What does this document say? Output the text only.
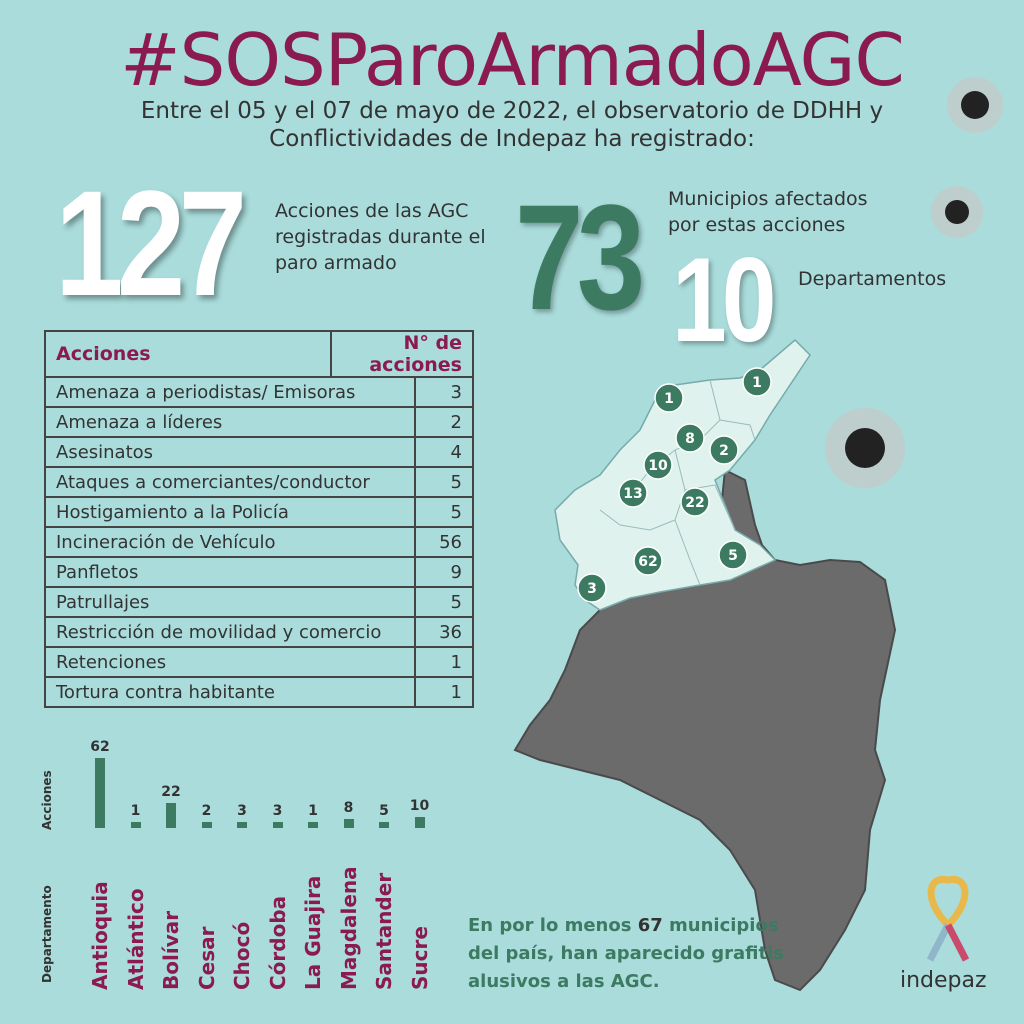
#SOSParoArmadoAGC
Entre el 05 y el 07 de mayo de 2022, el observatorio de DDHH y
Conflictividades de Indepaz ha registrado:
127 Acciones de las AGC
registradas durante el
paro armado 73 Municipios afectados
por estas acciones
1
1
8
2
10
13
22
62	5
3
10 Departamentos
Acciones	N° de acciones	
Amenaza a periodistas/ Emisoras		3
Amenaza a líderes		2
Asesinatos		4
Ataques a comerciantes/conductor		5
Hostigamiento a la Policía		5
Incineración de Vehículo		56
Panfletos		9
Patrullajes		5
Restricción de movilidad y comercio		36
Retenciones		1
Tortura contra habitante		1
Acciones
Departamento
62
Antioquia
1
Atlántico
22
Bolívar
2
Cesar
3
Chocó
3
Córdoba
1
La Guajira
8
Magdalena
5
Santander
10
Sucre
En por lo menos 67 municipios
del país, han aparecido grafitis
alusivos a las AGC.	indepaz
